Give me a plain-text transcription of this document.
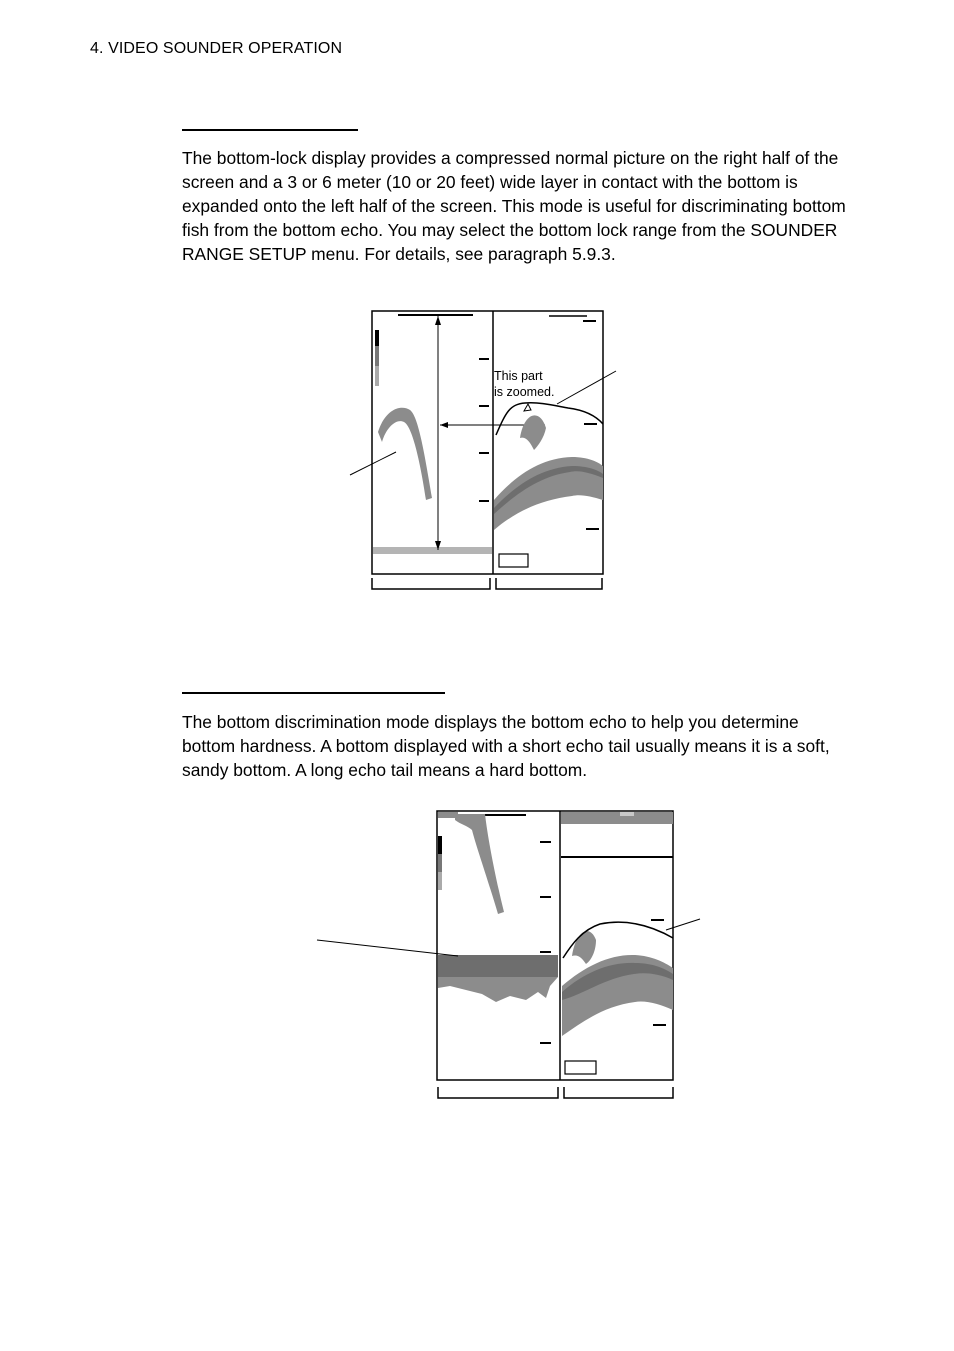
4. VIDEO SOUNDER OPERATION

The bottom-lock display provides a compressed normal picture on the right half of the screen and a 3 or 6 meter (10 or 20 feet) wide layer in contact with the bottom is expanded onto the left half of the screen. This mode is useful for discriminating bottom fish from the bottom echo. You may select the bottom lock range from the SOUNDER RANGE SETUP menu. For details, see paragraph 5.9.3.

This part
is zoomed.

The bottom discrimination mode displays the bottom echo to help you determine bottom hardness. A bottom displayed with a short echo tail usually means it is a soft, sandy bottom. A long echo tail means a hard bottom.
